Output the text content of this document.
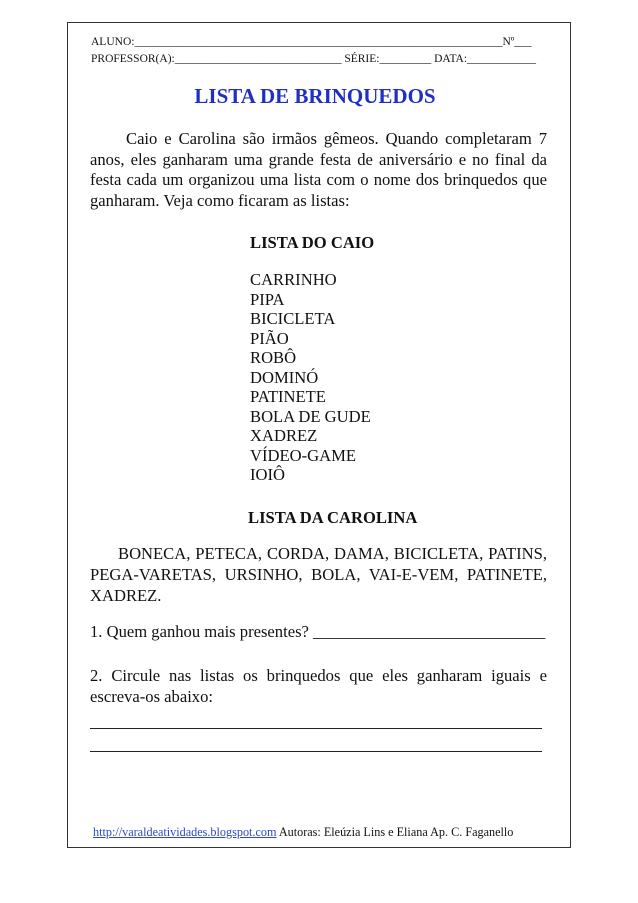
ALUNO:________________________________________________________________Nº___
PROFESSOR(A):_____________________________ SÉRIE:_________ DATA:____________
LISTA DE BRINQUEDOS

Caio e Carolina são irmãos gêmeos. Quando completaram 7 anos, eles ganharam uma grande festa de aniversário e no final da festa cada um organizou uma lista com o nome dos brinquedos que ganharam. Veja como ficaram as listas:

LISTA DO CAIO
CARRINHO
PIPA
BICICLETA
PIÃO
ROBÔ
DOMINÓ
PATINETE
BOLA DE GUDE
XADREZ
VÍDEO-GAME
IOIÔ
LISTA DA CAROLINA

BONECA, PETECA, CORDA, DAMA, BICICLETA, PATINS, PEGA-VARETAS, URSINHO, BOLA, VAI-E-VEM, PATINETE, XADREZ.

1. Quem ganhou mais presentes? ____________________________

2. Circule nas listas os brinquedos que eles ganharam iguais e escreva-os abaixo:

http://varaldeatividades.blogspot.com Autoras: Eleúzia Lins e Eliana Ap. C. Faganello
